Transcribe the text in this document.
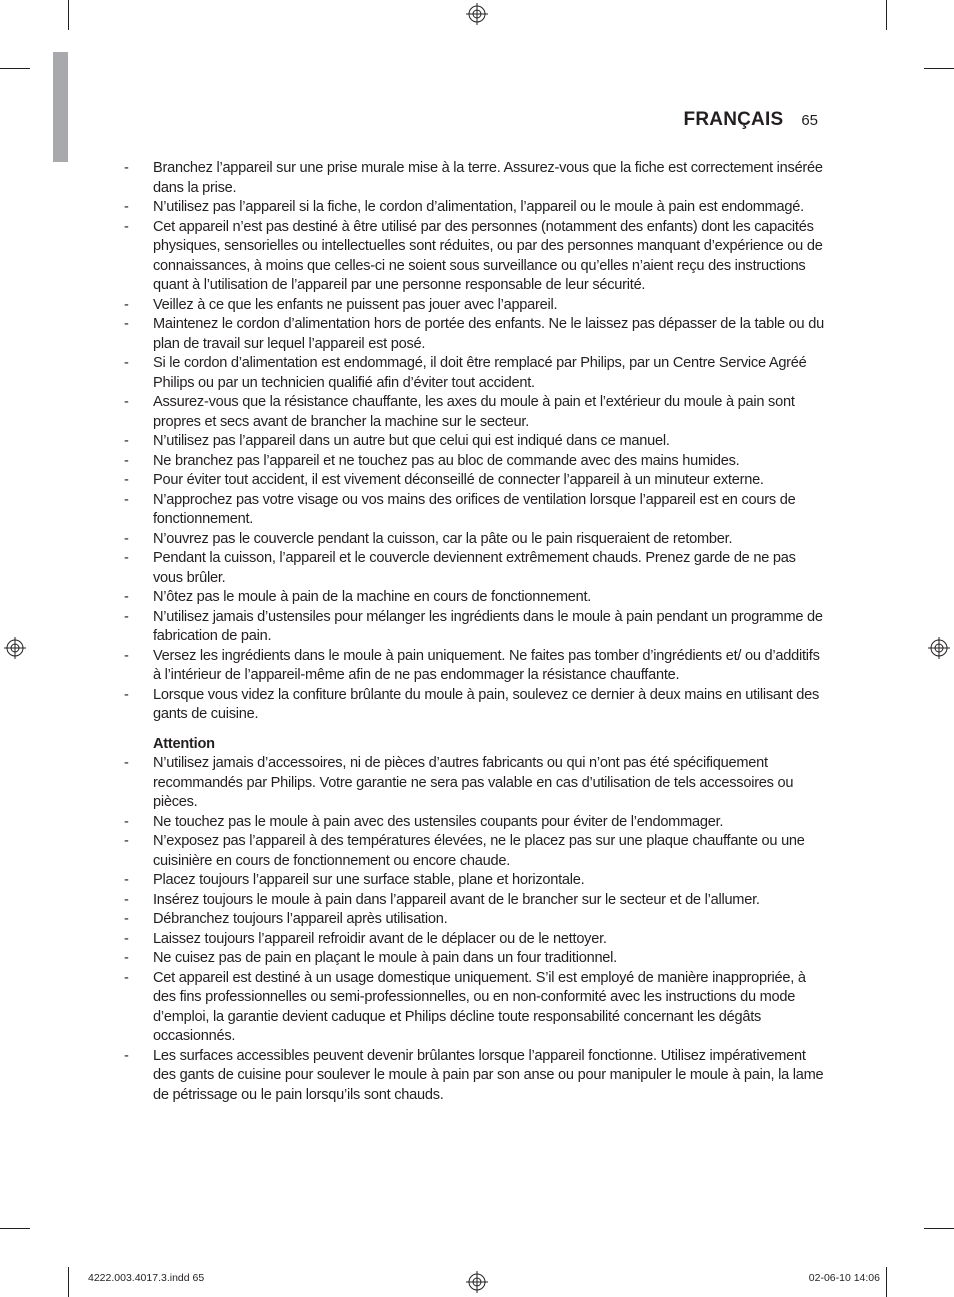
FRANÇAIS 65
- Branchez l’appareil sur une prise murale mise à la terre. Assurez-vous que la fiche est correctement insérée dans la prise.
- N’utilisez pas l’appareil si la fiche, le cordon d’alimentation, l’appareil ou le moule à pain est endommagé.
- Cet appareil n’est pas destiné à être utilisé par des personnes (notamment des enfants) dont les capacités physiques, sensorielles ou intellectuelles sont réduites, ou par des personnes manquant d’expérience ou de connaissances, à moins que celles-ci ne soient sous surveillance ou qu’elles n’aient reçu des instructions quant à l’utilisation de l’appareil par une personne responsable de leur sécurité.
- Veillez à ce que les enfants ne puissent pas jouer avec l’appareil.
- Maintenez le cordon d’alimentation hors de portée des enfants. Ne le laissez pas dépasser de la table ou du plan de travail sur lequel l’appareil est posé.
- Si le cordon d’alimentation est endommagé, il doit être remplacé par Philips, par un Centre Service Agréé Philips ou par un technicien qualifié afin d’éviter tout accident.
- Assurez-vous que la résistance chauffante, les axes du moule à pain et l’extérieur du moule à pain sont propres et secs avant de brancher la machine sur le secteur.
- N’utilisez pas l’appareil dans un autre but que celui qui est indiqué dans ce manuel.
- Ne branchez pas l’appareil et ne touchez pas au bloc de commande avec des mains humides.
- Pour éviter tout accident, il est vivement déconseillé de connecter l’appareil à un minuteur externe.
- N’approchez pas votre visage ou vos mains des orifices de ventilation lorsque l’appareil est en cours de fonctionnement.
- N’ouvrez pas le couvercle pendant la cuisson, car la pâte ou le pain risqueraient de retomber.
- Pendant la cuisson, l’appareil et le couvercle deviennent extrêmement chauds. Prenez garde de ne pas vous brûler.
- N’ôtez pas le moule à pain de la machine en cours de fonctionnement.
- N’utilisez jamais d’ustensiles pour mélanger les ingrédients dans le moule à pain pendant un programme de fabrication de pain.
- Versez les ingrédients dans le moule à pain uniquement. Ne faites pas tomber d’ingrédients et/ ou d’additifs à l’intérieur de l’appareil-même afin de ne pas endommager la résistance chauffante.
- Lorsque vous videz la confiture brûlante du moule à pain, soulevez ce dernier à deux mains en utilisant des gants de cuisine.
Attention
- N’utilisez jamais d’accessoires, ni de pièces d’autres fabricants ou qui n’ont pas été spécifiquement recommandés par Philips. Votre garantie ne sera pas valable en cas d’utilisation de tels accessoires ou pièces.
- Ne touchez pas le moule à pain avec des ustensiles coupants pour éviter de l’endommager.
- N’exposez pas l’appareil à des températures élevées, ne le placez pas sur une plaque chauffante ou une cuisinière en cours de fonctionnement ou encore chaude.
- Placez toujours l’appareil sur une surface stable, plane et horizontale.
- Insérez toujours le moule à pain dans l’appareil avant de le brancher sur le secteur et de l’allumer.
- Débranchez toujours l’appareil après utilisation.
- Laissez toujours l’appareil refroidir avant de le déplacer ou de le nettoyer.
- Ne cuisez pas de pain en plaçant le moule à pain dans un four traditionnel.
- Cet appareil est destiné à un usage domestique uniquement. S’il est employé de manière inappropriée, à des fins professionnelles ou semi-professionnelles, ou en non-conformité avec les instructions du mode d’emploi, la garantie devient caduque et Philips décline toute responsabilité concernant les dégâts occasionnés.
- Les surfaces accessibles peuvent devenir brûlantes lorsque l’appareil fonctionne. Utilisez impérativement des gants de cuisine pour soulever le moule à pain par son anse ou pour manipuler le moule à pain, la lame de pétrissage ou le pain lorsqu’ils sont chauds.
4222.003.4017.3.indd 65	02-06-10 14:06
